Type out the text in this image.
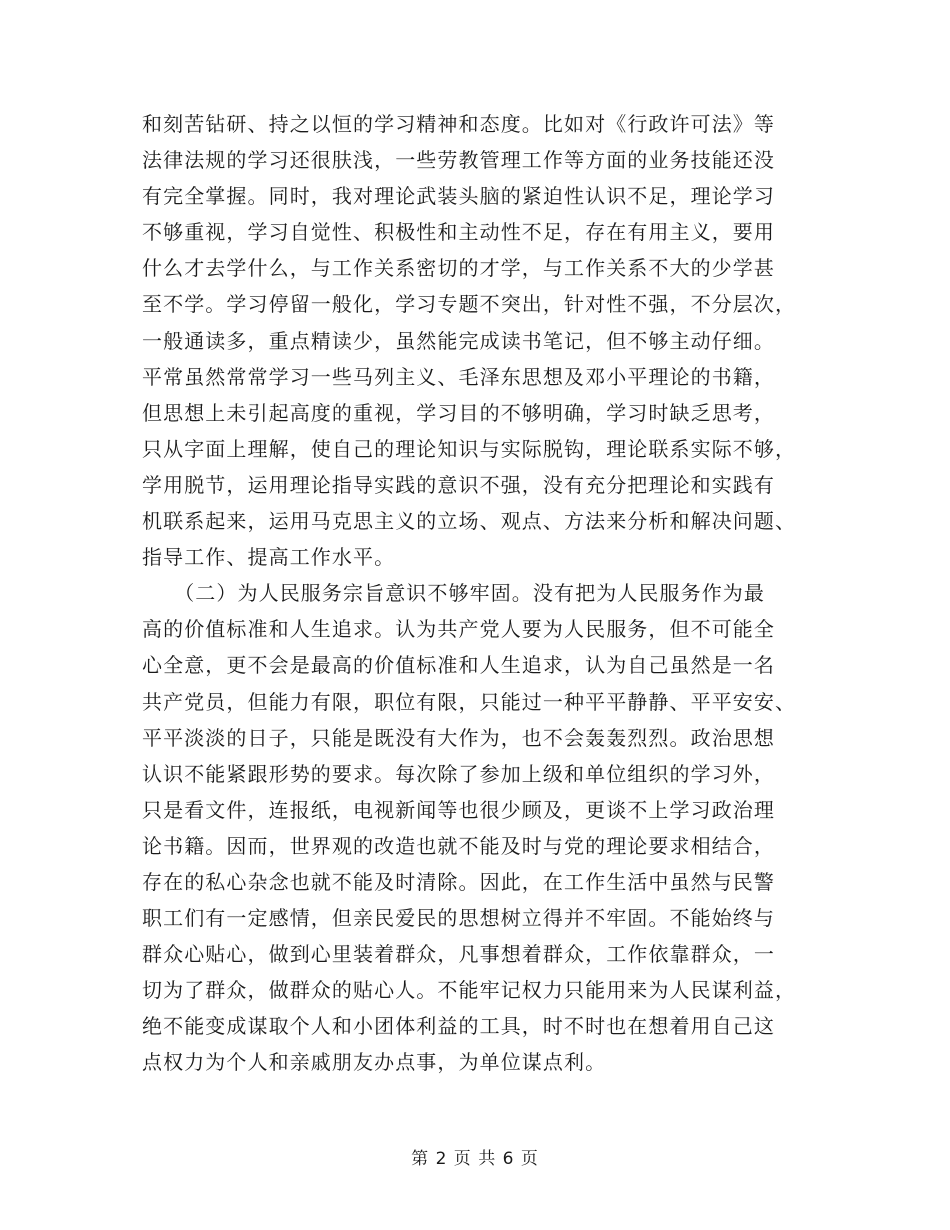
和刻苦钻研、持之以恒的学习精神和态度。比如对《行政许可法》等
法律法规的学习还很肤浅，一些劳教管理工作等方面的业务技能还没
有完全掌握。同时，我对理论武装头脑的紧迫性认识不足，理论学习
不够重视，学习自觉性、积极性和主动性不足，存在有用主义，要用
什么才去学什么，与工作关系密切的才学，与工作关系不大的少学甚
至不学。学习停留一般化，学习专题不突出，针对性不强，不分层次，
一般通读多，重点精读少，虽然能完成读书笔记，但不够主动仔细。
平常虽然常常学习一些马列主义、毛泽东思想及邓小平理论的书籍，
但思想上未引起高度的重视，学习目的不够明确，学习时缺乏思考，
只从字面上理解，使自己的理论知识与实际脱钩，理论联系实际不够，
学用脱节，运用理论指导实践的意识不强，没有充分把理论和实践有
机联系起来，运用马克思主义的立场、观点、方法来分析和解决问题、
指导工作、提高工作水平。
　　（二）为人民服务宗旨意识不够牢固。没有把为人民服务作为最
高的价值标准和人生追求。认为共产党人要为人民服务，但不可能全
心全意，更不会是最高的价值标准和人生追求，认为自己虽然是一名
共产党员，但能力有限，职位有限，只能过一种平平静静、平平安安、
平平淡淡的日子，只能是既没有大作为，也不会轰轰烈烈。政治思想
认识不能紧跟形势的要求。每次除了参加上级和单位组织的学习外，
只是看文件，连报纸，电视新闻等也很少顾及，更谈不上学习政治理
论书籍。因而，世界观的改造也就不能及时与党的理论要求相结合，
存在的私心杂念也就不能及时清除。因此，在工作生活中虽然与民警
职工们有一定感情，但亲民爱民的思想树立得并不牢固。不能始终与
群众心贴心，做到心里装着群众，凡事想着群众，工作依靠群众，一
切为了群众，做群众的贴心人。不能牢记权力只能用来为人民谋利益，
绝不能变成谋取个人和小团体利益的工具，时不时也在想着用自己这
点权力为个人和亲戚朋友办点事，为单位谋点利。
第 2 页 共 6 页
